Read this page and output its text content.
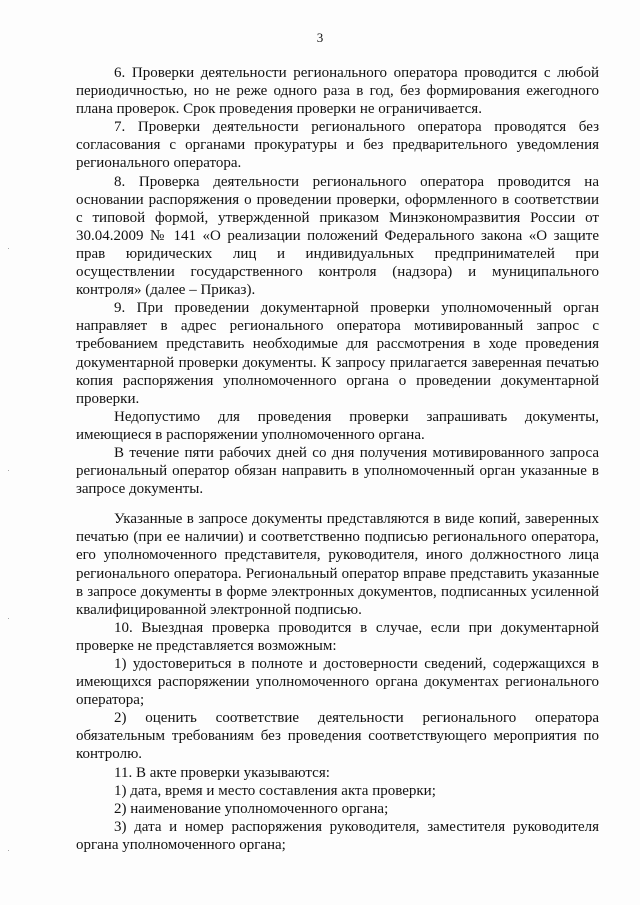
3

6. Проверки деятельности регионального оператора проводится с любой периодичностью, но не реже одного раза в год, без формирования ежегодного плана проверок. Срок проведения проверки не ограничивается.

7. Проверки деятельности регионального оператора проводятся без согласования с органами прокуратуры и без предварительного уведомления регионального оператора.

8. Проверка деятельности регионального оператора проводится на основании распоряжения о проведении проверки, оформленного в соответствии с типовой формой, утвержденной приказом Минэкономразвития России от 30.04.2009 № 141 «О реализации положений Федерального закона «О защите прав юридических лиц и индивидуальных предпринимателей при осуществлении государственного контроля (надзора) и муниципального контроля» (далее – Приказ).

9. При проведении документарной проверки уполномоченный орган направляет в адрес регионального оператора мотивированный запрос с требованием представить необходимые для рассмотрения в ходе проведения документарной проверки документы. К запросу прилагается заверенная печатью копия распоряжения уполномоченного органа о проведении документарной проверки.

Недопустимо для проведения проверки запрашивать документы, имеющиеся в распоряжении уполномоченного органа.

В течение пяти рабочих дней со дня получения мотивированного запроса региональный оператор обязан направить в уполномоченный орган указанные в запросе документы.

Указанные в запросе документы представляются в виде копий, заверенных печатью (при ее наличии) и соответственно подписью регионального оператора, его уполномоченного представителя, руководителя, иного должностного лица регионального оператора. Региональный оператор вправе представить указанные в запросе документы в форме электронных документов, подписанных усиленной квалифицированной электронной подписью.

10. Выездная проверка проводится в случае, если при документарной проверке не представляется возможным:

1) удостовериться в полноте и достоверности сведений, содержащихся в имеющихся распоряжении уполномоченного органа документах регионального оператора;

2) оценить соответствие деятельности регионального оператора обязательным требованиям без проведения соответствующего мероприятия по контролю.

11. В акте проверки указываются:

1) дата, время и место составления акта проверки;

2) наименование уполномоченного органа;

3) дата и номер распоряжения руководителя, заместителя руководителя органа уполномоченного органа;
